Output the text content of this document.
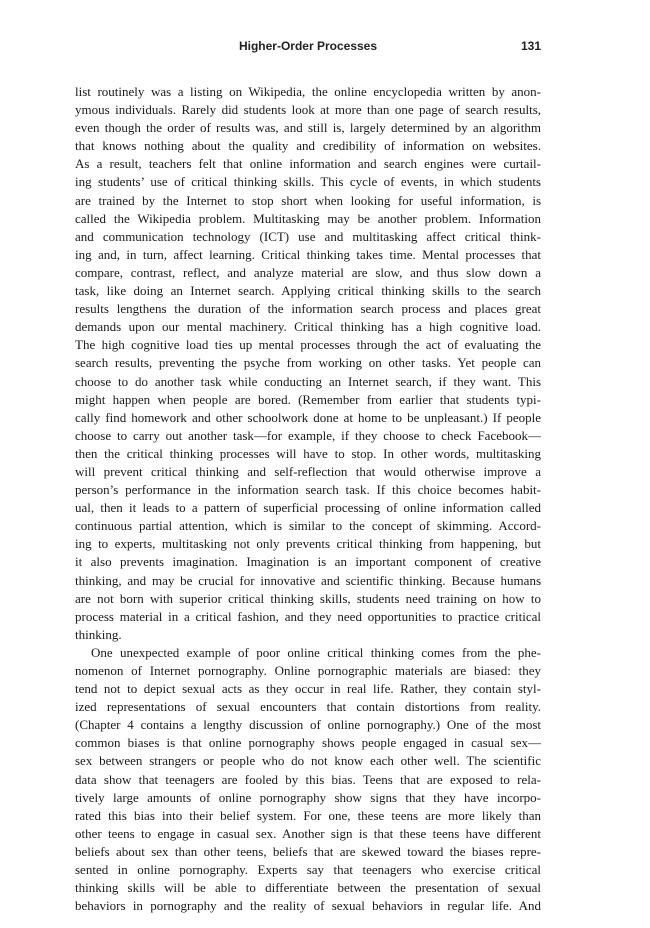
Higher-Order Processes	131
list routinely was a listing on Wikipedia, the online encyclopedia written by anon-
ymous individuals. Rarely did students look at more than one page of search results,
even though the order of results was, and still is, largely determined by an algorithm
that knows nothing about the quality and credibility of information on websites.
As a result, teachers felt that online information and search engines were curtail-
ing students’ use of critical thinking skills. This cycle of events, in which students
are trained by the Internet to stop short when looking for useful information, is
called the Wikipedia problem. Multitasking may be another problem. Information
and communication technology (ICT) use and multitasking affect critical think-
ing and, in turn, affect learning. Critical thinking takes time. Mental processes that
compare, contrast, reflect, and analyze material are slow, and thus slow down a
task, like doing an Internet search. Applying critical thinking skills to the search
results lengthens the duration of the information search process and places great
demands upon our mental machinery. Critical thinking has a high cognitive load.
The high cognitive load ties up mental processes through the act of evaluating the
search results, preventing the psyche from working on other tasks. Yet people can
choose to do another task while conducting an Internet search, if they want. This
might happen when people are bored. (Remember from earlier that students typi-
cally find homework and other schoolwork done at home to be unpleasant.) If people
choose to carry out another task—for example, if they choose to check Facebook—
then the critical thinking processes will have to stop. In other words, multitasking
will prevent critical thinking and self-reflection that would otherwise improve a
person’s performance in the information search task. If this choice becomes habit-
ual, then it leads to a pattern of superficial processing of online information called
continuous partial attention, which is similar to the concept of skimming. Accord-
ing to experts, multitasking not only prevents critical thinking from happening, but
it also prevents imagination. Imagination is an important component of creative
thinking, and may be crucial for innovative and scientific thinking. Because humans
are not born with superior critical thinking skills, students need training on how to
process material in a critical fashion, and they need opportunities to practice critical
thinking.
One unexpected example of poor online critical thinking comes from the phe-
nomenon of Internet pornography. Online pornographic materials are biased: they
tend not to depict sexual acts as they occur in real life. Rather, they contain styl-
ized representations of sexual encounters that contain distortions from reality.
(Chapter 4 contains a lengthy discussion of online pornography.) One of the most
common biases is that online pornography shows people engaged in casual sex—
sex between strangers or people who do not know each other well. The scientific
data show that teenagers are fooled by this bias. Teens that are exposed to rela-
tively large amounts of online pornography show signs that they have incorpo-
rated this bias into their belief system. For one, these teens are more likely than
other teens to engage in casual sex. Another sign is that these teens have different
beliefs about sex than other teens, beliefs that are skewed toward the biases repre-
sented in online pornography. Experts say that teenagers who exercise critical
thinking skills will be able to differentiate between the presentation of sexual
behaviors in pornography and the reality of sexual behaviors in regular life. And
